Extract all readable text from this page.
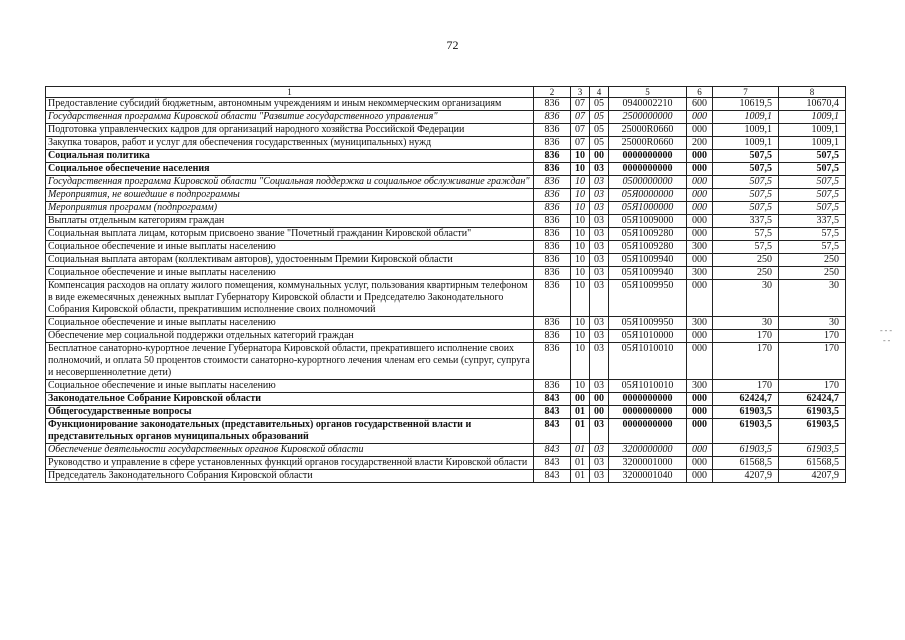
72
1	2	3	4	5	6	7	8
Предоставление субсидий бюджетным, автономным учреждениям и иным некоммерческим организациям	836	07	05	0940002210	600	10619,5	10670,4
Государственная программа Кировской области "Развитие государственного управления"	836	07	05	2500000000	000	1009,1	1009,1
Подготовка управленческих кадров для организаций народного хозяйства Российской Федерации	836	07	05	25000R0660	000	1009,1	1009,1
Закупка товаров, работ и услуг для обеспечения государственных (муниципальных) нужд	836	07	05	25000R0660	200	1009,1	1009,1
Социальная политика	836	10	00	0000000000	000	507,5	507,5
Социальное обеспечение населения	836	10	03	0000000000	000	507,5	507,5
Государственная программа Кировской области "Социальная поддержка и социальное обслуживание граждан"	836	10	03	0500000000	000	507,5	507,5
Мероприятия, не вошедшие в подпрограммы	836	10	03	05Я0000000	000	507,5	507,5
Мероприятия программ (подпрограмм)	836	10	03	05Я1000000	000	507,5	507,5
Выплаты отдельным категориям граждан	836	10	03	05Я1009000	000	337,5	337,5
Социальная выплата лицам, которым присвоено звание "Почетный гражданин Кировской области"	836	10	03	05Я1009280	000	57,5	57,5
Социальное обеспечение и иные выплаты населению	836	10	03	05Я1009280	300	57,5	57,5
Социальная выплата авторам (коллективам авторов), удостоенным Премии Кировской области	836	10	03	05Я1009940	000	250	250
Социальное обеспечение и иные выплаты населению	836	10	03	05Я1009940	300	250	250
Компенсация расходов на оплату жилого помещения, коммунальных услуг, пользования квартирным телефоном в виде ежемесячных денежных выплат Губернатору Кировской области и Председателю Законодательного Собрания Кировской области, прекратившим исполнение своих полномочий	836	10	03	05Я1009950	000	30	30
Социальное обеспечение и иные выплаты населению	836	10	03	05Я1009950	300	30	30
Обеспечение мер социальной поддержки отдельных категорий граждан	836	10	03	05Я1010000	000	170	170
Бесплатное санаторно-курортное лечение Губернатора Кировской области, прекратившего исполнение своих полномочий, и оплата 50 процентов стоимости санаторно-курортного лечения членам его семьи (супруг, супруга и несовершеннолетние дети)	836	10	03	05Я1010010	000	170	170
Социальное обеспечение и иные выплаты населению	836	10	03	05Я1010010	300	170	170
Законодательное Собрание Кировской области	843	00	00	0000000000	000	62424,7	62424,7
Общегосударственные вопросы	843	01	00	0000000000	000	61903,5	61903,5
Функционирование законодательных (представительных) органов государственной власти и представительных органов муниципальных образований	843	01	03	0000000000	000	61903,5	61903,5
Обеспечение деятельности государственных органов Кировской области	843	01	03	3200000000	000	61903,5	61903,5
Руководство и управление в сфере установленных функций органов государственной власти Кировской области	843	01	03	3200001000	000	61568,5	61568,5
Председатель Законодательного Собрания Кировской области	843	01	03	3200001040	000	4207,9	4207,9
- - -
- -
